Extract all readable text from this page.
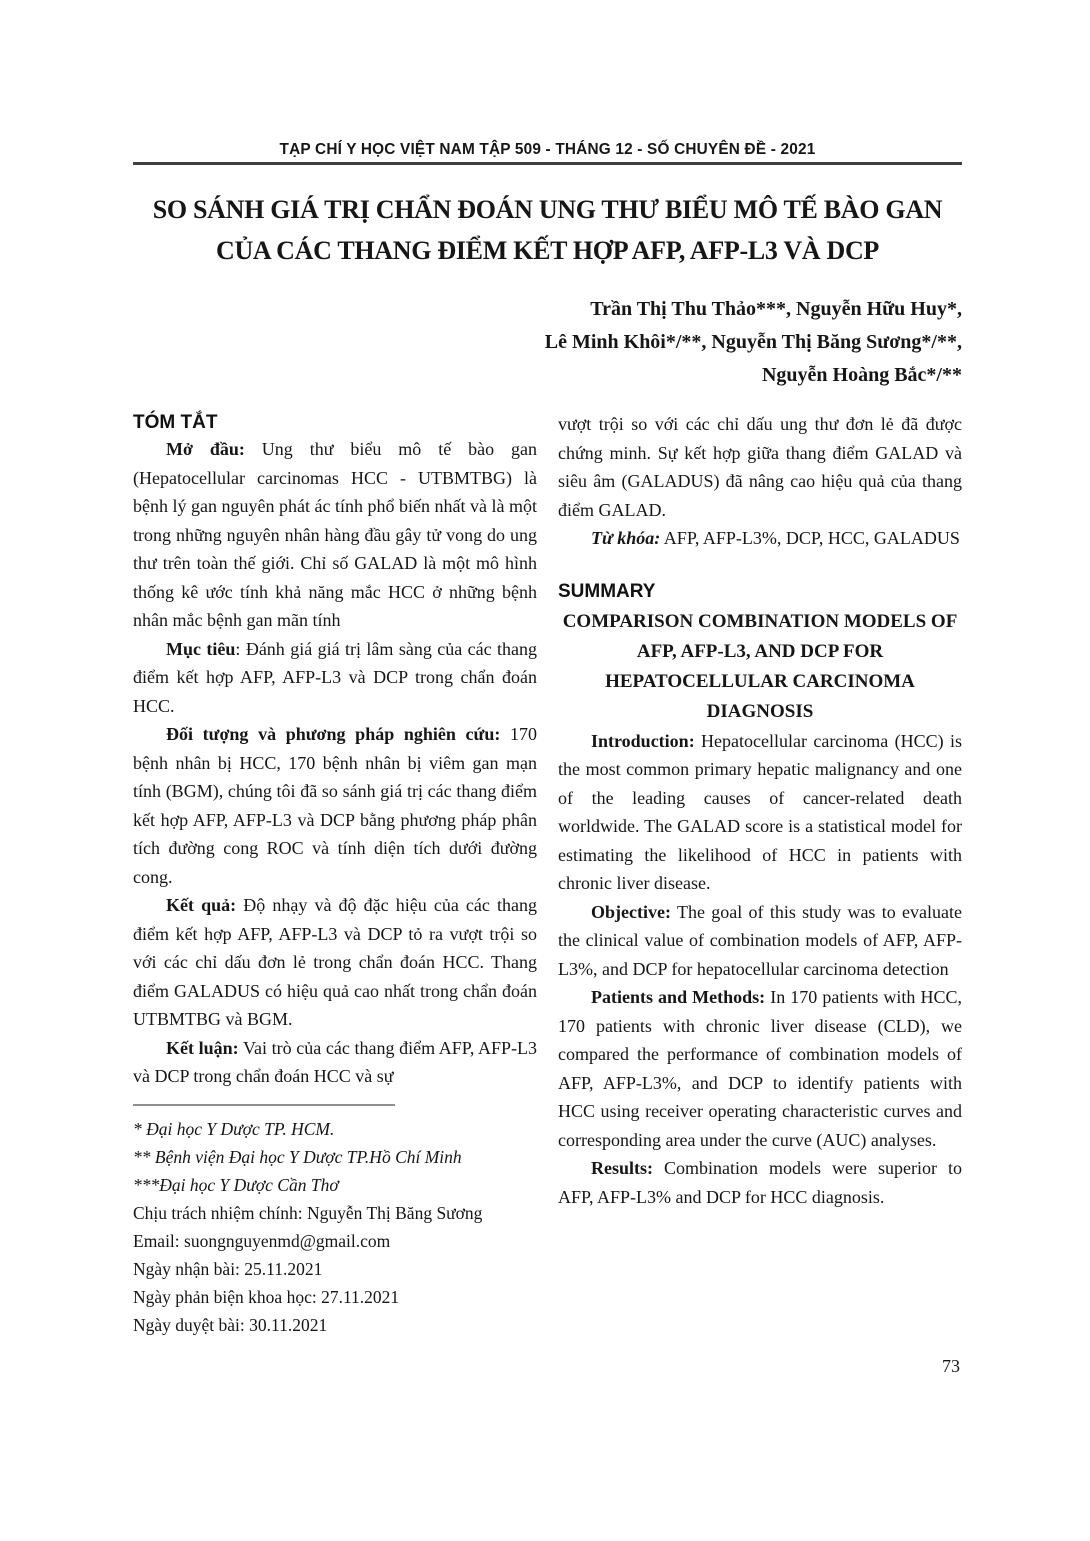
TẠP CHÍ Y HỌC VIỆT NAM TẬP 509 - THÁNG 12 - SỐ CHUYÊN ĐỀ - 2021
SO SÁNH GIÁ TRỊ CHẨN ĐOÁN UNG THƯ BIỂU MÔ TẾ BÀO GAN
CỦA CÁC THANG ĐIỂM KẾT HỢP AFP, AFP-L3 VÀ DCP
Trần Thị Thu Thảo***, Nguyễn Hữu Huy*,
Lê Minh Khôi*/**, Nguyễn Thị Băng Sương*/**,
Nguyễn Hoàng Bắc*/**
TÓM TẮT

Mở đầu: Ung thư biểu mô tế bào gan (Hepatocellular carcinomas HCC - UTBMTBG) là bệnh lý gan nguyên phát ác tính phổ biến nhất và là một trong những nguyên nhân hàng đầu gây tử vong do ung thư trên toàn thế giới. Chỉ số GALAD là một mô hình thống kê ước tính khả năng mắc HCC ở những bệnh nhân mắc bệnh gan mãn tính

Mục tiêu: Đánh giá giá trị lâm sàng của các thang điểm kết hợp AFP, AFP-L3 và DCP trong chẩn đoán HCC.

Đối tượng và phương pháp nghiên cứu: 170 bệnh nhân bị HCC, 170 bệnh nhân bị viêm gan mạn tính (BGM), chúng tôi đã so sánh giá trị các thang điểm kết hợp AFP, AFP-L3 và DCP bằng phương pháp phân tích đường cong ROC và tính diện tích dưới đường cong.

Kết quả: Độ nhạy và độ đặc hiệu của các thang điểm kết hợp AFP, AFP-L3 và DCP tỏ ra vượt trội so với các chỉ dấu đơn lẻ trong chẩn đoán HCC. Thang điểm GALADUS có hiệu quả cao nhất trong chẩn đoán UTBMTBG và BGM.

Kết luận: Vai trò của các thang điểm AFP, AFP-L3 và DCP trong chẩn đoán HCC và sự

* Đại học Y Dược TP. HCM.
** Bệnh viện Đại học Y Dược TP.Hồ Chí Minh
***Đại học Y Dược Cần Thơ
Chịu trách nhiệm chính: Nguyễn Thị Băng Sương
Email: suongnguyenmd@gmail.com
Ngày nhận bài: 25.11.2021
Ngày phản biện khoa học: 27.11.2021
Ngày duyệt bài: 30.11.2021

vượt trội so với các chỉ dấu ung thư đơn lẻ đã được chứng minh. Sự kết hợp giữa thang điểm GALAD và siêu âm (GALADUS) đã nâng cao hiệu quả của thang điểm GALAD.

Từ khóa: AFP, AFP-L3%, DCP, HCC, GALADUS

SUMMARY
COMPARISON COMBINATION MODELS OF AFP, AFP-L3, AND DCP FOR HEPATOCELLULAR CARCINOMA DIAGNOSIS

Introduction: Hepatocellular carcinoma (HCC) is the most common primary hepatic malignancy and one of the leading causes of cancer-related death worldwide. The GALAD score is a statistical model for estimating the likelihood of HCC in patients with chronic liver disease.

Objective: The goal of this study was to evaluate the clinical value of combination models of AFP, AFP-L3%, and DCP for hepatocellular carcinoma detection

Patients and Methods: In 170 patients with HCC, 170 patients with chronic liver disease (CLD), we compared the performance of combination models of AFP, AFP-L3%, and DCP to identify patients with HCC using receiver operating characteristic curves and corresponding area under the curve (AUC) analyses.

Results: Combination models were superior to AFP, AFP-L3% and DCP for HCC diagnosis.

73
